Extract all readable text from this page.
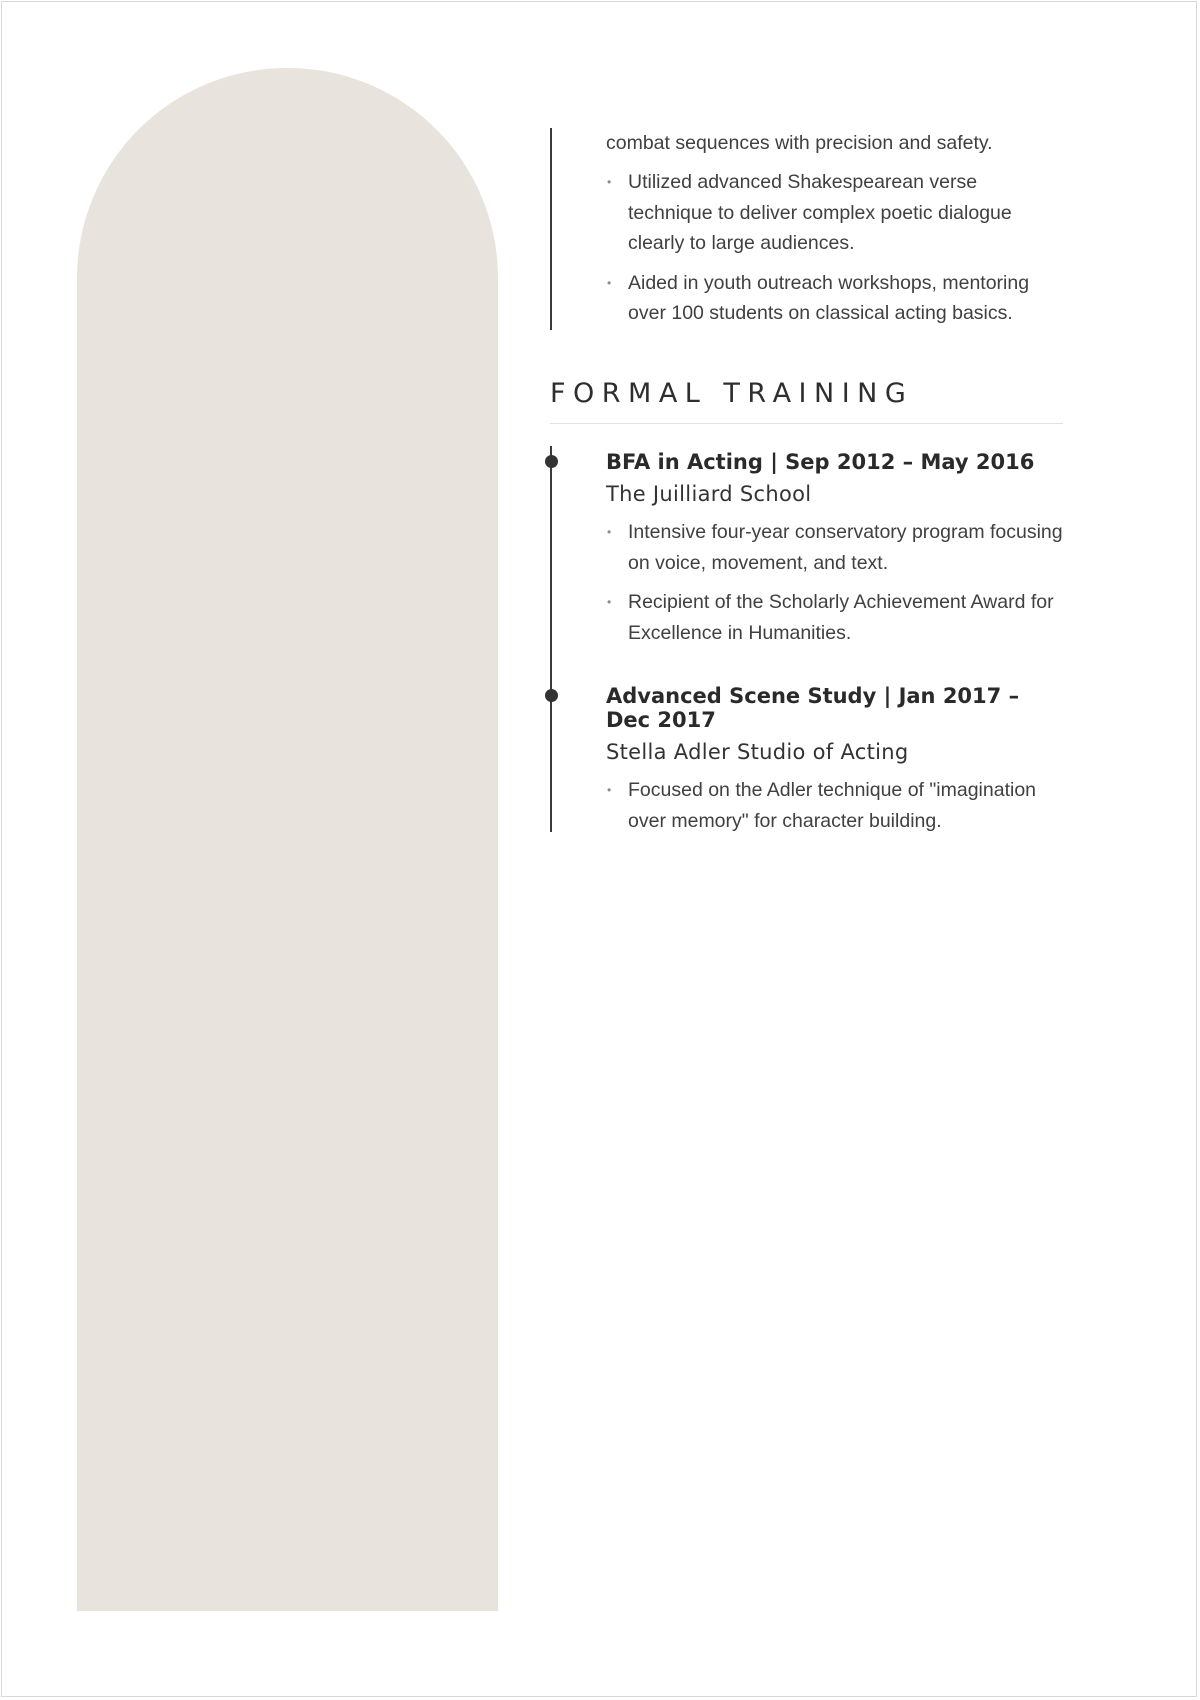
combat sequences with precision and safety.

• Utilized advanced Shakespearean verse technique to deliver complex poetic dialogue clearly to large audiences.
• Aided in youth outreach workshops, mentoring over 100 students on classical acting basics.
FORMAL TRAINING
BFA in Acting | Sep 2012 – May 2016
The Juilliard School
• Intensive four-year conservatory program focusing on voice, movement, and text.
• Recipient of the Scholarly Achievement Award for Excellence in Humanities.
Advanced Scene Study | Jan 2017 – Dec 2017
Stella Adler Studio of Acting
• Focused on the Adler technique of "imagination over memory" for character building.
